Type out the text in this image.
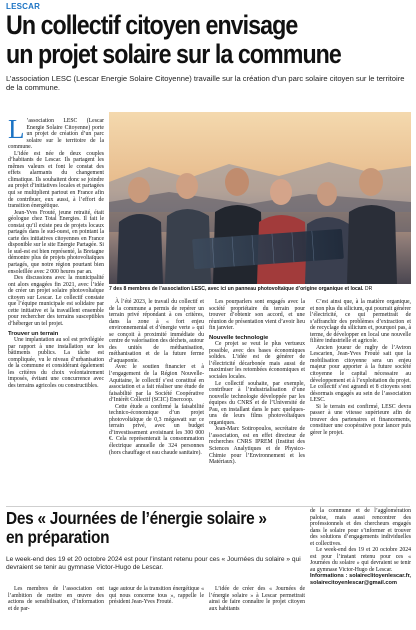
LESCAR
Un collectif citoyen envisage
un projet solaire sur la commune

L’association LESC (Lescar Energie Solaire Citoyenne) travaille sur la création d’un parc solaire citoyen sur le territoire de la commune.

L ’association LESC (Lescar Energie Solaire Citoyenne) porte un projet de création d’un parc solaire sur le territoire de la commune.

L’idée est née de deux couples d’habitants de Lescar. Ils partagent les mêmes valeurs et font le constat des effets alarmants du changement climatique. Ils souhaitent donc se joindre au projet d’initiatives locales et partagées qui se multiplient partout en France afin de contribuer, eux aussi, à l’effort de transition énergétique.

Jean-Yves Frouté, jeune retraité, était géologue chez Total Energies. Il fait le constat qu’il existe peu de projets locaux partagés dans le sud-ouest, en pointant la carte des initiatives citoyennes en France disponible sur le site Energie Partagée. Si le sud-est est bien représenté, la Bretagne démontre plus de projets photovoltaïques partagés, que notre région pourtant bien ensoleillée avec 2 000 heures par an.

Des discussions avec la municipalité ont alors engagées fin 2021, avec l’idée de créer un projet solaire photovoltaïque citoyen sur Lescar. Le collectif constate que l’équipe municipale est solidaire par cette initiative et la travaillent ensemble pour rechercher des terrains susceptibles d’héberger un tel projet.

Trouver un terrain

Une implantation au sol est privilégiée par rapport à une installation sur les bâtiments publics. La tâche est compliquée, vu le niveau d’urbanisation de la commune et considérant également les critères du choix volontairement imposés, évitant une concurrence avec des terrains agricoles ou constructibles.

7 des 8 membres de l’association LESC, avec ici un panneau photovoltaïque d’origine organique et local. DR

À l’été 2023, le travail du collectif et de la commune a permis de repérer un terrain privé répondant à ces critères, dans la zone à « fort enjeu environnemental et d’énergie verte » qui se conçoit à proximité immédiate du centre de valorisation des déchets, autour des unités de méthanisation, méthanisation et de la future ferme d’aquaponie.

Avec le soutien financier et à l’engagement de la Région Nouvelle-Aquitaine, le collectif s’est constitué en association et a fait réaliser une étude de faisabilité par la Société Coopérative d’Intérêt Collectif (SCIC) Enercoop.

Cette étude a confirmé la faisabilité technico-économique d’un projet photovoltaïque de 0,3 mégawatt sur ce terrain privé, avec un budget d’investissement avoisinant les 300 000 €. Cela représenterait la consommation électrique annuelle de 324 personnes (hors chauffage et eau chaude sanitaire).

Les pourparlers sont engagés avec la société propriétaire du terrain pour trouver d’obtenir son accord, et une réunion de présentation vient d’avoir lieu fin janvier.

Nouvelle technologie

Ce projet se veut le plus vertueux possible, avec des bases économiques solides. L’idée est de générer de l’électricité décarbonée mais aussi de maximiser les retombées économiques et sociales locales.

Le collectif souhaite, par exemple, contribuer à l’industrialisation d’une nouvelle technologie développée par les équipes du CNRS et de l’Université de Pau, en installant dans le parc quelques-uns de leurs films photovoltaïques organiques.

Jean-Marc Sotiropoulos, secrétaire de l’association, est en effet directeur de recherches CNRS IPREM (Institut des Sciences Analytiques et de Physico-Chimie pour l’Environnement et les Matériaux).

C’est ainsi que, à la matière organique, et non plus du silicium, qui pourrait générer l’électricité, ce qui permettrait de s’affranchir des problèmes d’extraction et de recyclage du silicium et, pourquoi pas, à terme, de développer en local une nouvelle filière industrielle et agricole.

Ancien joueur de rugby de l’Aviron Lescarien, Jean-Yves Frouté sait que la mobilisation citoyenne sera un enjeu majeur pour apporter à la future société citoyenne le capital nécessaire au développement et à l’exploitation du projet. Le collectif s’est agrandi et 8 citoyens sont désormais engagés au sein de l’association LESC.

Si le terrain est confirmé, LESC devra passer à une vitesse supérieure afin de trouver des partenaires et financements, constituer une coopérative pour lancer puis gérer le projet.

Des « Journées de l’énergie solaire » en préparation

Le week-end des 19 et 20 octobre 2024 est pour l’instant retenu pour ces « Journées du solaire » qui devraient se tenir au gymnase Victor-Hugo de Lescar.

Les membres de l’association ont l’ambition de mettre en œuvre des actions de sensibilisation, d’information et de par-

tage autour de la transition énergétique « qui nous concerne tous », rappelle le président Jean-Yves Frouté.

L’idée de créer des « Journées de l’énergie solaire » à Lescar permettrait ainsi de faire connaître le projet citoyen aux habitants

de la commune et de l’agglomération paloise, mais aussi rencontrer des professionnels et des chercheurs engagés dans le solaire pour s’informer et trouver des solutions d’engagements individuelles et collectives.

Le week-end des 19 et 20 octobre 2024 est pour l’instant retenu pour ces « Journées du solaire » qui devraient se tenir au gymnase Victor-Hugo de Lescar.

Informations : solaireclitoyenlescar.fr, solairecitoyenlescar@gmail.com
